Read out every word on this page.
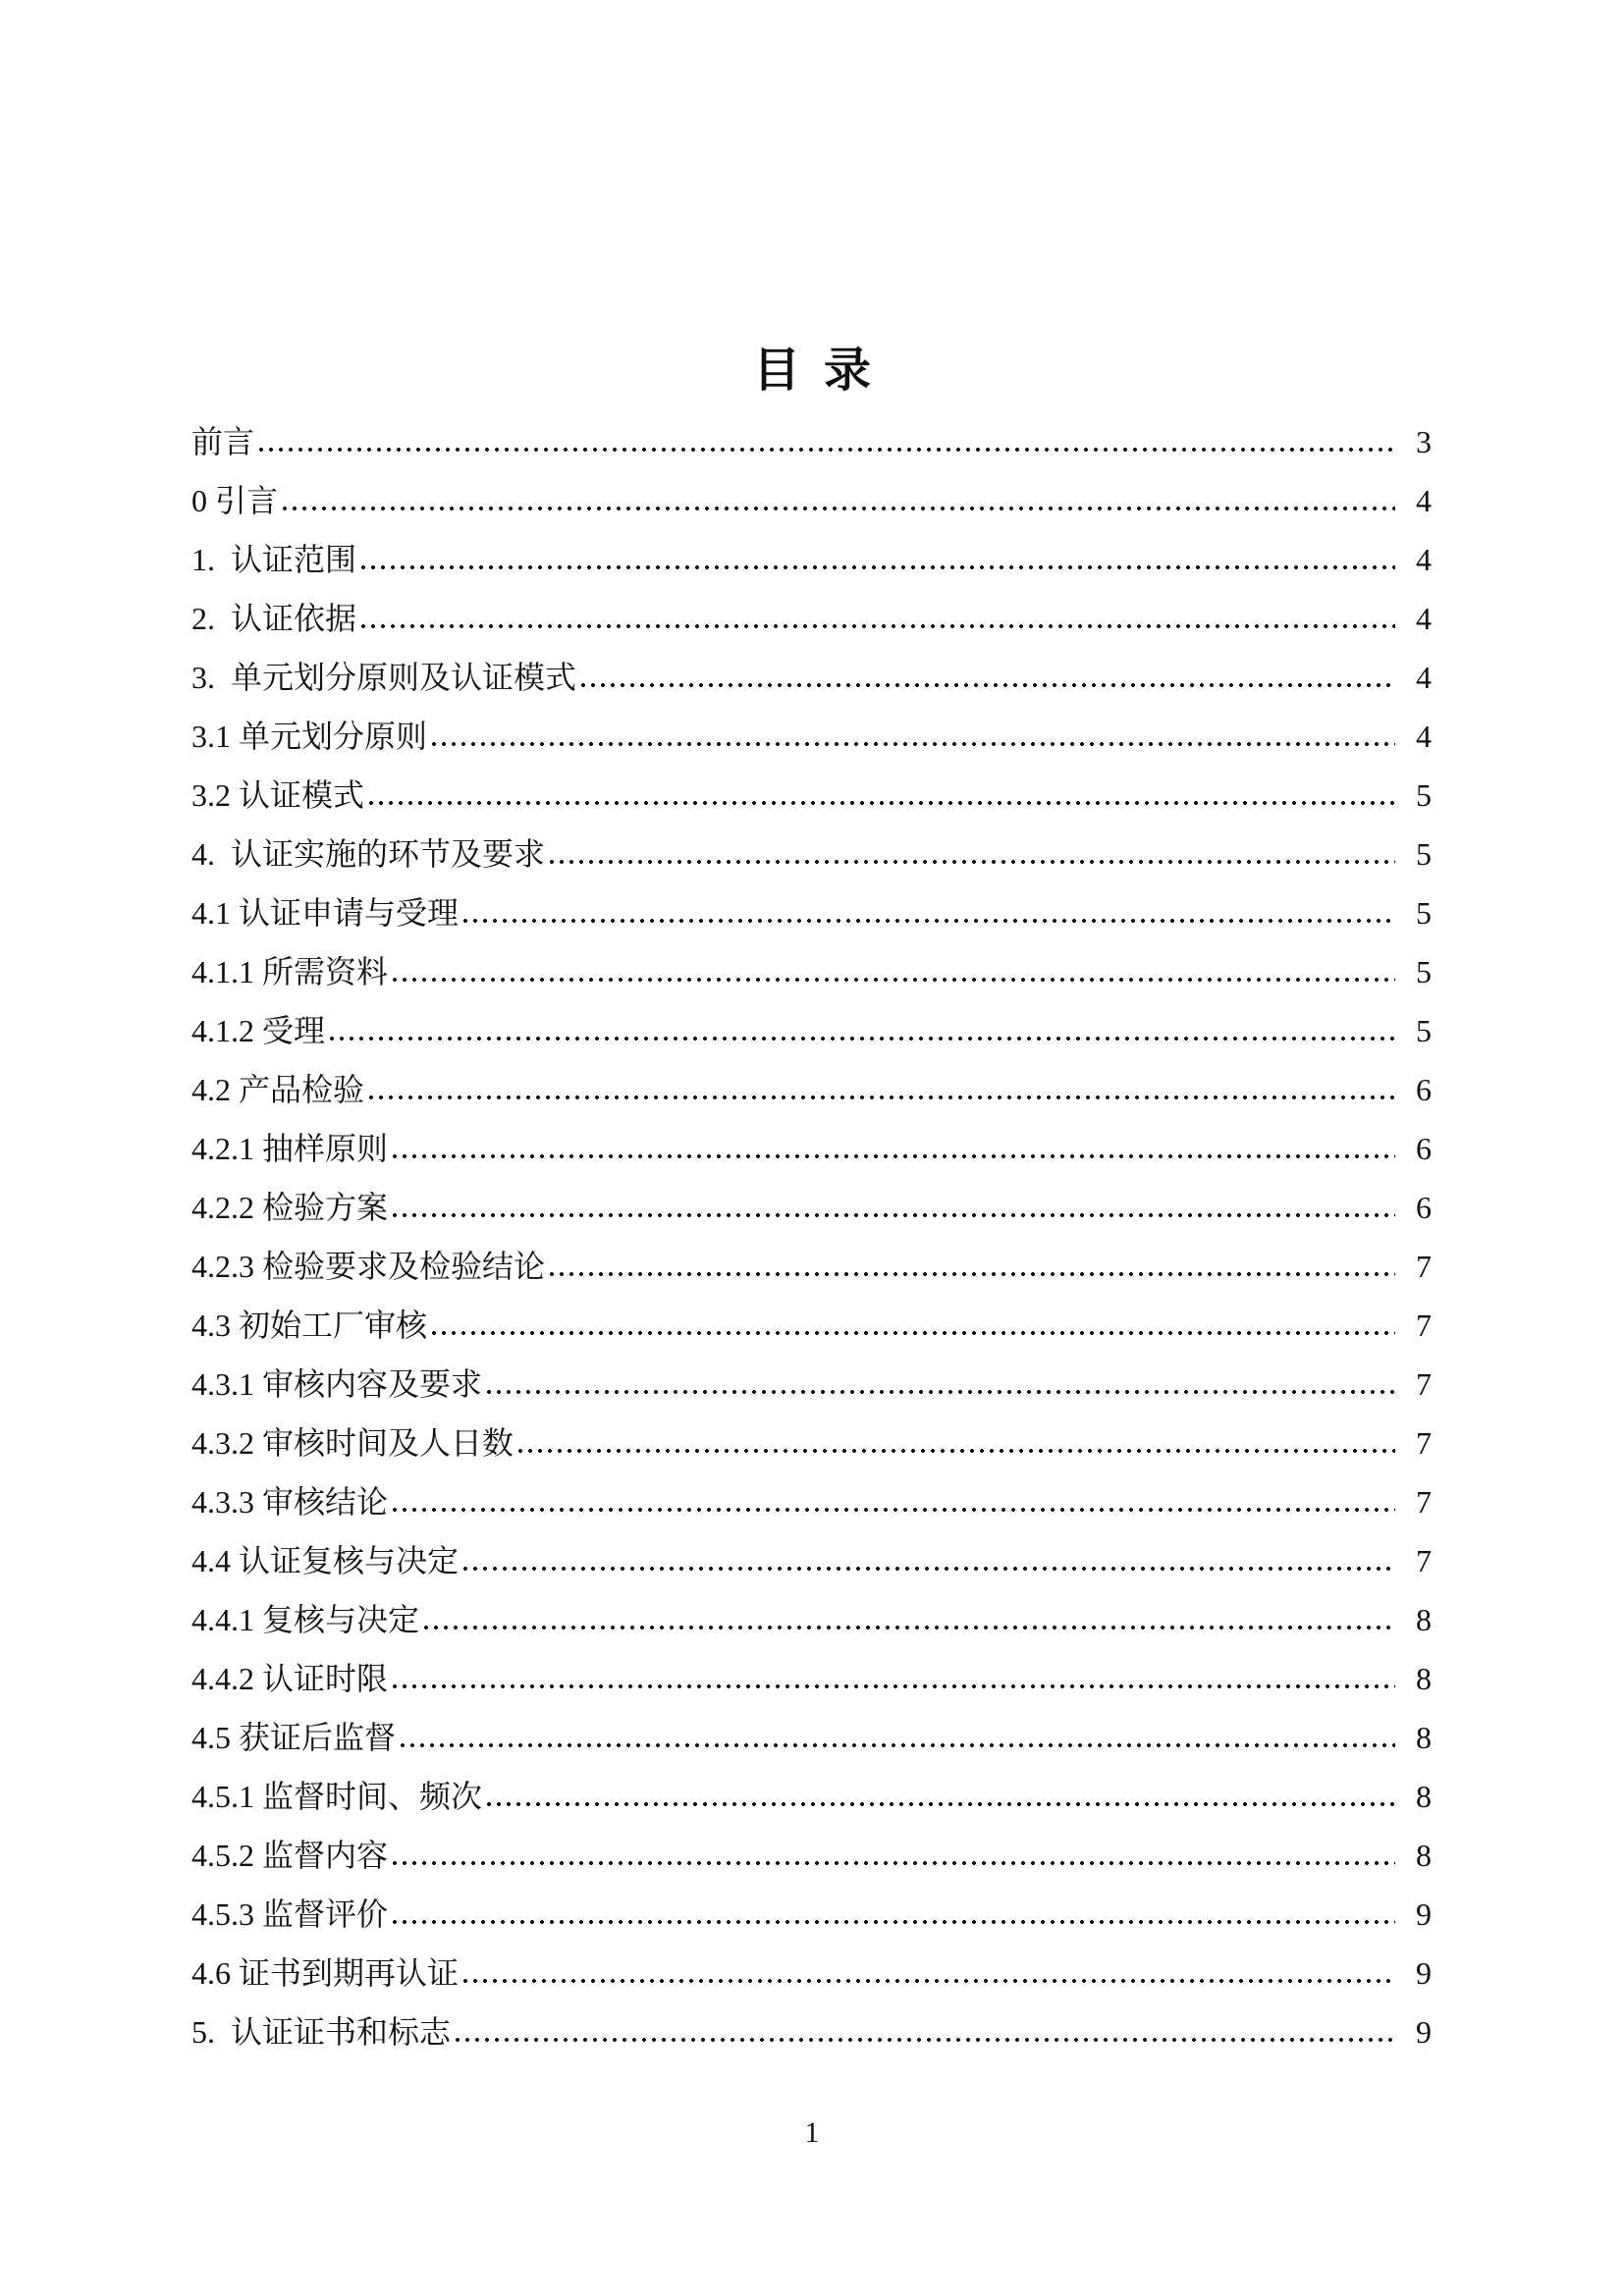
目  录
前言	3
0 引言	4
1.  认证范围	4
2.  认证依据	4
3.  单元划分原则及认证模式	4
3.1 单元划分原则	4
3.2 认证模式	5
4.  认证实施的环节及要求	5
4.1 认证申请与受理	5
4.1.1 所需资料	5
4.1.2 受理	5
4.2 产品检验	6
4.2.1 抽样原则	6
4.2.2 检验方案	6
4.2.3 检验要求及检验结论	7
4.3 初始工厂审核	7
4.3.1 审核内容及要求	7
4.3.2 审核时间及人日数	7
4.3.3 审核结论	7
4.4 认证复核与决定	7
4.4.1 复核与决定	8
4.4.2 认证时限	8
4.5 获证后监督	8
4.5.1 监督时间、频次	8
4.5.2 监督内容	8
4.5.3 监督评价	9
4.6 证书到期再认证	9
5.  认证证书和标志	9
1
